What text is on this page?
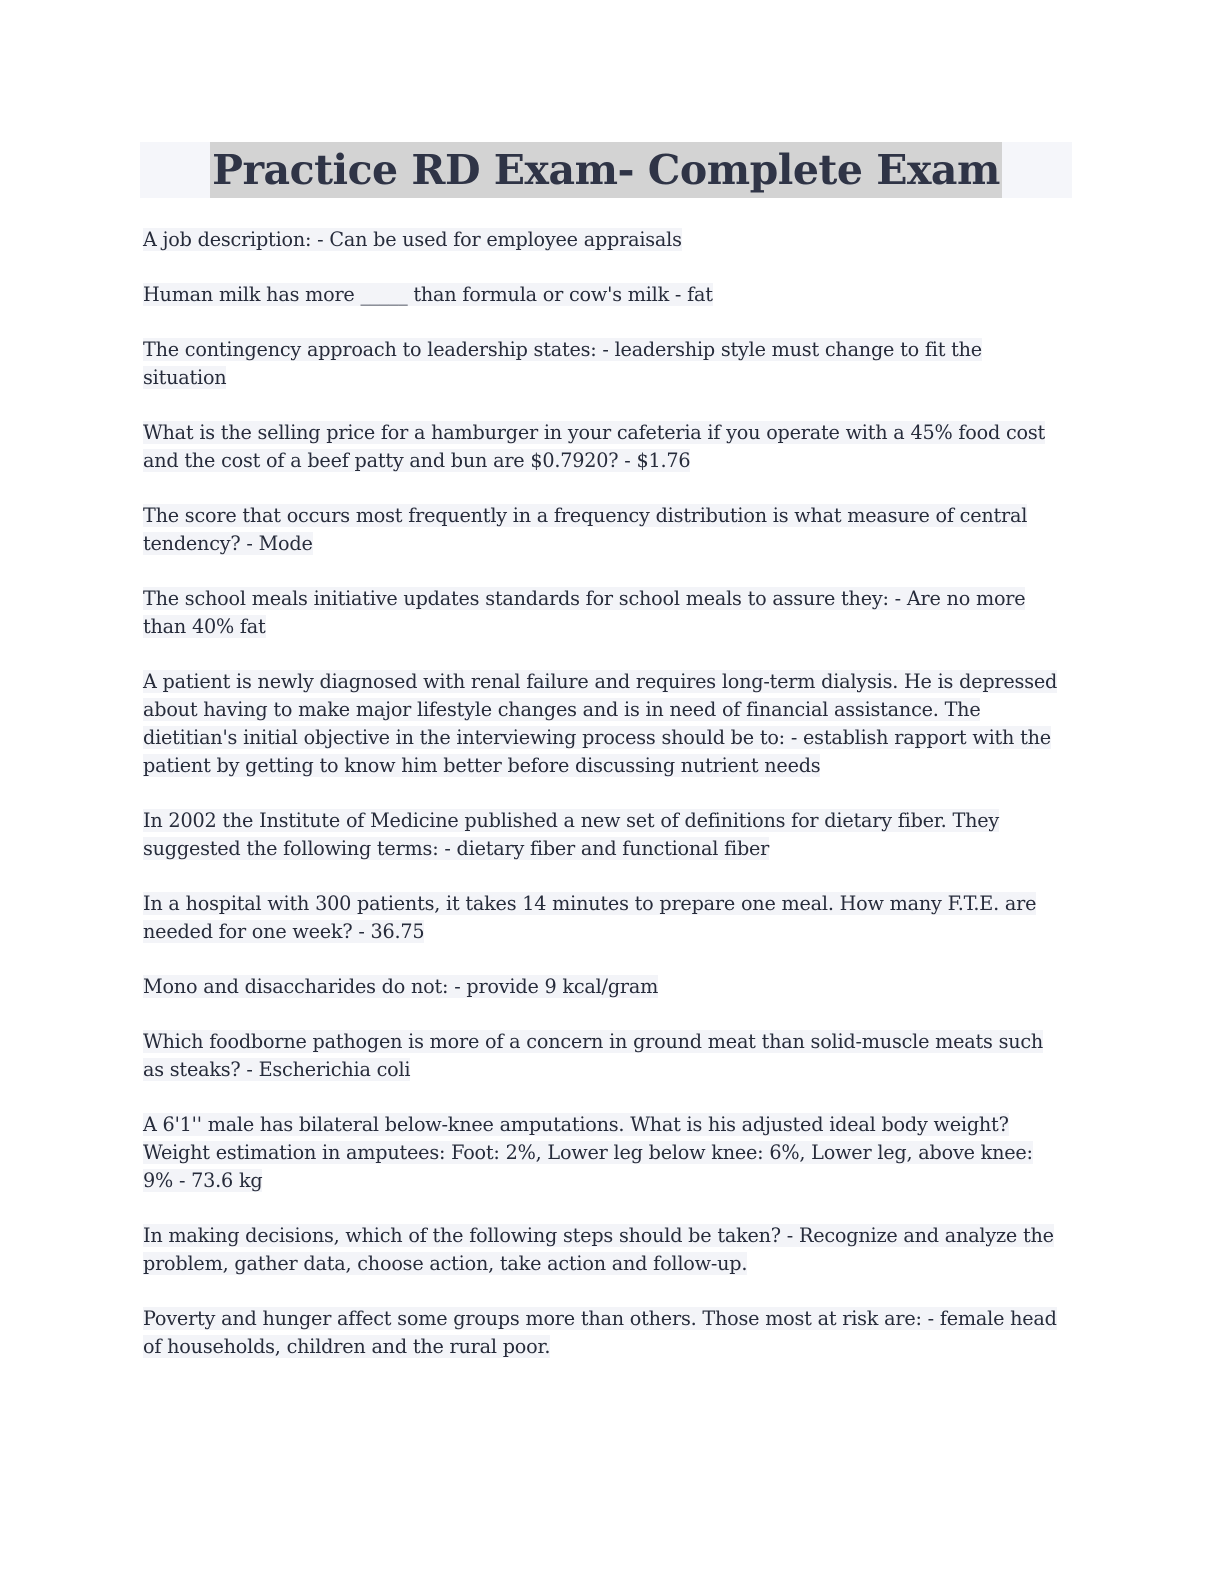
Practice RD Exam- Complete Exam

A job description: - Can be used for employee appraisals

Human milk has more _____ than formula or cow's milk - fat

The contingency approach to leadership states: - leadership style must change to fit the situation

What is the selling price for a hamburger in your cafeteria if you operate with a 45% food cost and the cost of a beef patty and bun are $0.7920? - $1.76

The score that occurs most frequently in a frequency distribution is what measure of central tendency? - Mode

The school meals initiative updates standards for school meals to assure they: - Are no more than 40% fat

A patient is newly diagnosed with renal failure and requires long-term dialysis. He is depressed about having to make major lifestyle changes and is in need of financial assistance. The dietitian's initial objective in the interviewing process should be to: - establish rapport with the patient by getting to know him better before discussing nutrient needs

In 2002 the Institute of Medicine published a new set of definitions for dietary fiber. They suggested the following terms: - dietary fiber and functional fiber

In a hospital with 300 patients, it takes 14 minutes to prepare one meal. How many F.T.E. are needed for one week? - 36.75

Mono and disaccharides do not: - provide 9 kcal/gram

Which foodborne pathogen is more of a concern in ground meat than solid-muscle meats such as steaks? - Escherichia coli

A 6'1'' male has bilateral below-knee amputations. What is his adjusted ideal body weight? Weight estimation in amputees: Foot: 2%, Lower leg below knee: 6%, Lower leg, above knee: 9% - 73.6 kg

In making decisions, which of the following steps should be taken? - Recognize and analyze the problem, gather data, choose action, take action and follow-up.

Poverty and hunger affect some groups more than others. Those most at risk are: - female head of households, children and the rural poor.
